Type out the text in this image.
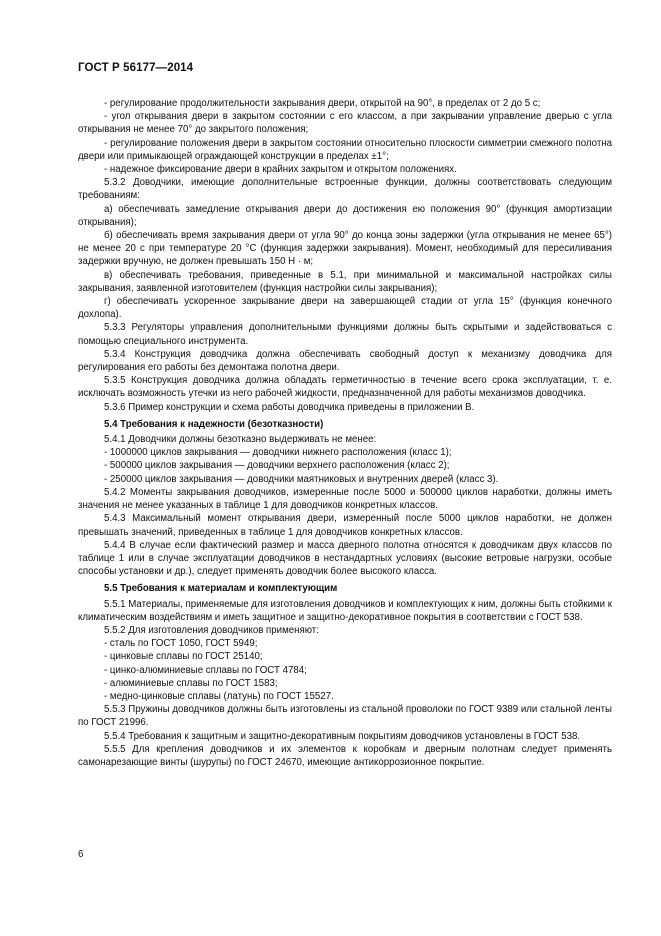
ГОСТ Р 56177—2014

- регулирование продолжительности закрывания двери, открытой на 90°, в пределах от 2 до 5 с;

- угол открывания двери в закрытом состоянии с его классом, а при закрывании управление дверью с угла открывания не менее 70° до закрытого положения;

- регулирование положения двери в закрытом состоянии относительно плоскости симметрии смежного полотна двери или примыкающей ограждающей конструкции в пределах ±1°;

- надежное фиксирование двери в крайних закрытом и открытом положениях.

5.3.2 Доводчики, имеющие дополнительные встроенные функции, должны соответствовать следующим требованиям:

а) обеспечивать замедление открывания двери до достижения ею положения 90° (функция амортизации открывания);

б) обеспечивать время закрывания двери от угла 90° до конца зоны задержки (угла открывания не менее 65°) не менее 20 с при температуре 20 °С (функция задержки закрывания). Момент, необходимый для пересиливания задержки вручную, не должен превышать 150 Н · м;

в) обеспечивать требования, приведенные в 5.1, при минимальной и максимальной настройках силы закрывания, заявленной изготовителем (функция настройки силы закрывания);

г) обеспечивать ускоренное закрывание двери на завершающей стадии от угла 15° (функция конечного дохлопа).

5.3.3 Регуляторы управления дополнительными функциями должны быть скрытыми и задействоваться с помощью специального инструмента.

5.3.4 Конструкция доводчика должна обеспечивать свободный доступ к механизму доводчика для регулирования его работы без демонтажа полотна двери.

5.3.5 Конструкция доводчика должна обладать герметичностью в течение всего срока эксплуатации, т. е. исключать возможность утечки из него рабочей жидкости, предназначенной для работы механизмов доводчика.

5.3.6 Пример конструкции и схема работы доводчика приведены в приложении В.

5.4 Требования к надежности (безотказности)

5.4.1 Доводчики должны безотказно выдерживать не менее:

- 1000000 циклов закрывания — доводчики нижнего расположения (класс 1);

- 500000 циклов закрывания — доводчики верхнего расположения (класс 2);

- 250000 циклов закрывания — доводчики маятниковых и внутренних дверей (класс 3).

5.4.2 Моменты закрывания доводчиков, измеренные после 5000 и 500000 циклов наработки, должны иметь значения не менее указанных в таблице 1 для доводчиков конкретных классов.

5.4.3 Максимальный момент открывания двери, измеренный после 5000 циклов наработки, не должен превышать значений, приведенных в таблице 1 для доводчиков конкретных классов.

5.4.4 В случае если фактический размер и масса дверного полотна относятся к доводчикам двух классов по таблице 1 или в случае эксплуатации доводчиков в нестандартных условиях (высокие ветровые нагрузки, особые способы установки и др.), следует применять доводчик более высокого класса.

5.5 Требования к материалам и комплектующим

5.5.1 Материалы, применяемые для изготовления доводчиков и комплектующих к ним, должны быть стойкими к климатическим воздействиям и иметь защитное и защитно-декоративное покрытия в соответствии с ГОСТ 538.

5.5.2 Для изготовления доводчиков применяют:

- сталь по ГОСТ 1050, ГОСТ 5949;

- цинковые сплавы по ГОСТ 25140;

- цинко-алюминиевые сплавы по ГОСТ 4784;

- алюминиевые сплавы по ГОСТ 1583;

- медно-цинковые сплавы (латунь) по ГОСТ 15527.

5.5.3 Пружины доводчиков должны быть изготовлены из стальной проволоки по ГОСТ 9389 или стальной ленты по ГОСТ 21996.

5.5.4 Требования к защитным и защитно-декоративным покрытиям доводчиков установлены в ГОСТ 538.

5.5.5 Для крепления доводчиков и их элементов к коробкам и дверным полотнам следует применять самонарезающие винты (шурупы) по ГОСТ 24670, имеющие антикоррозионное покрытие.

6
